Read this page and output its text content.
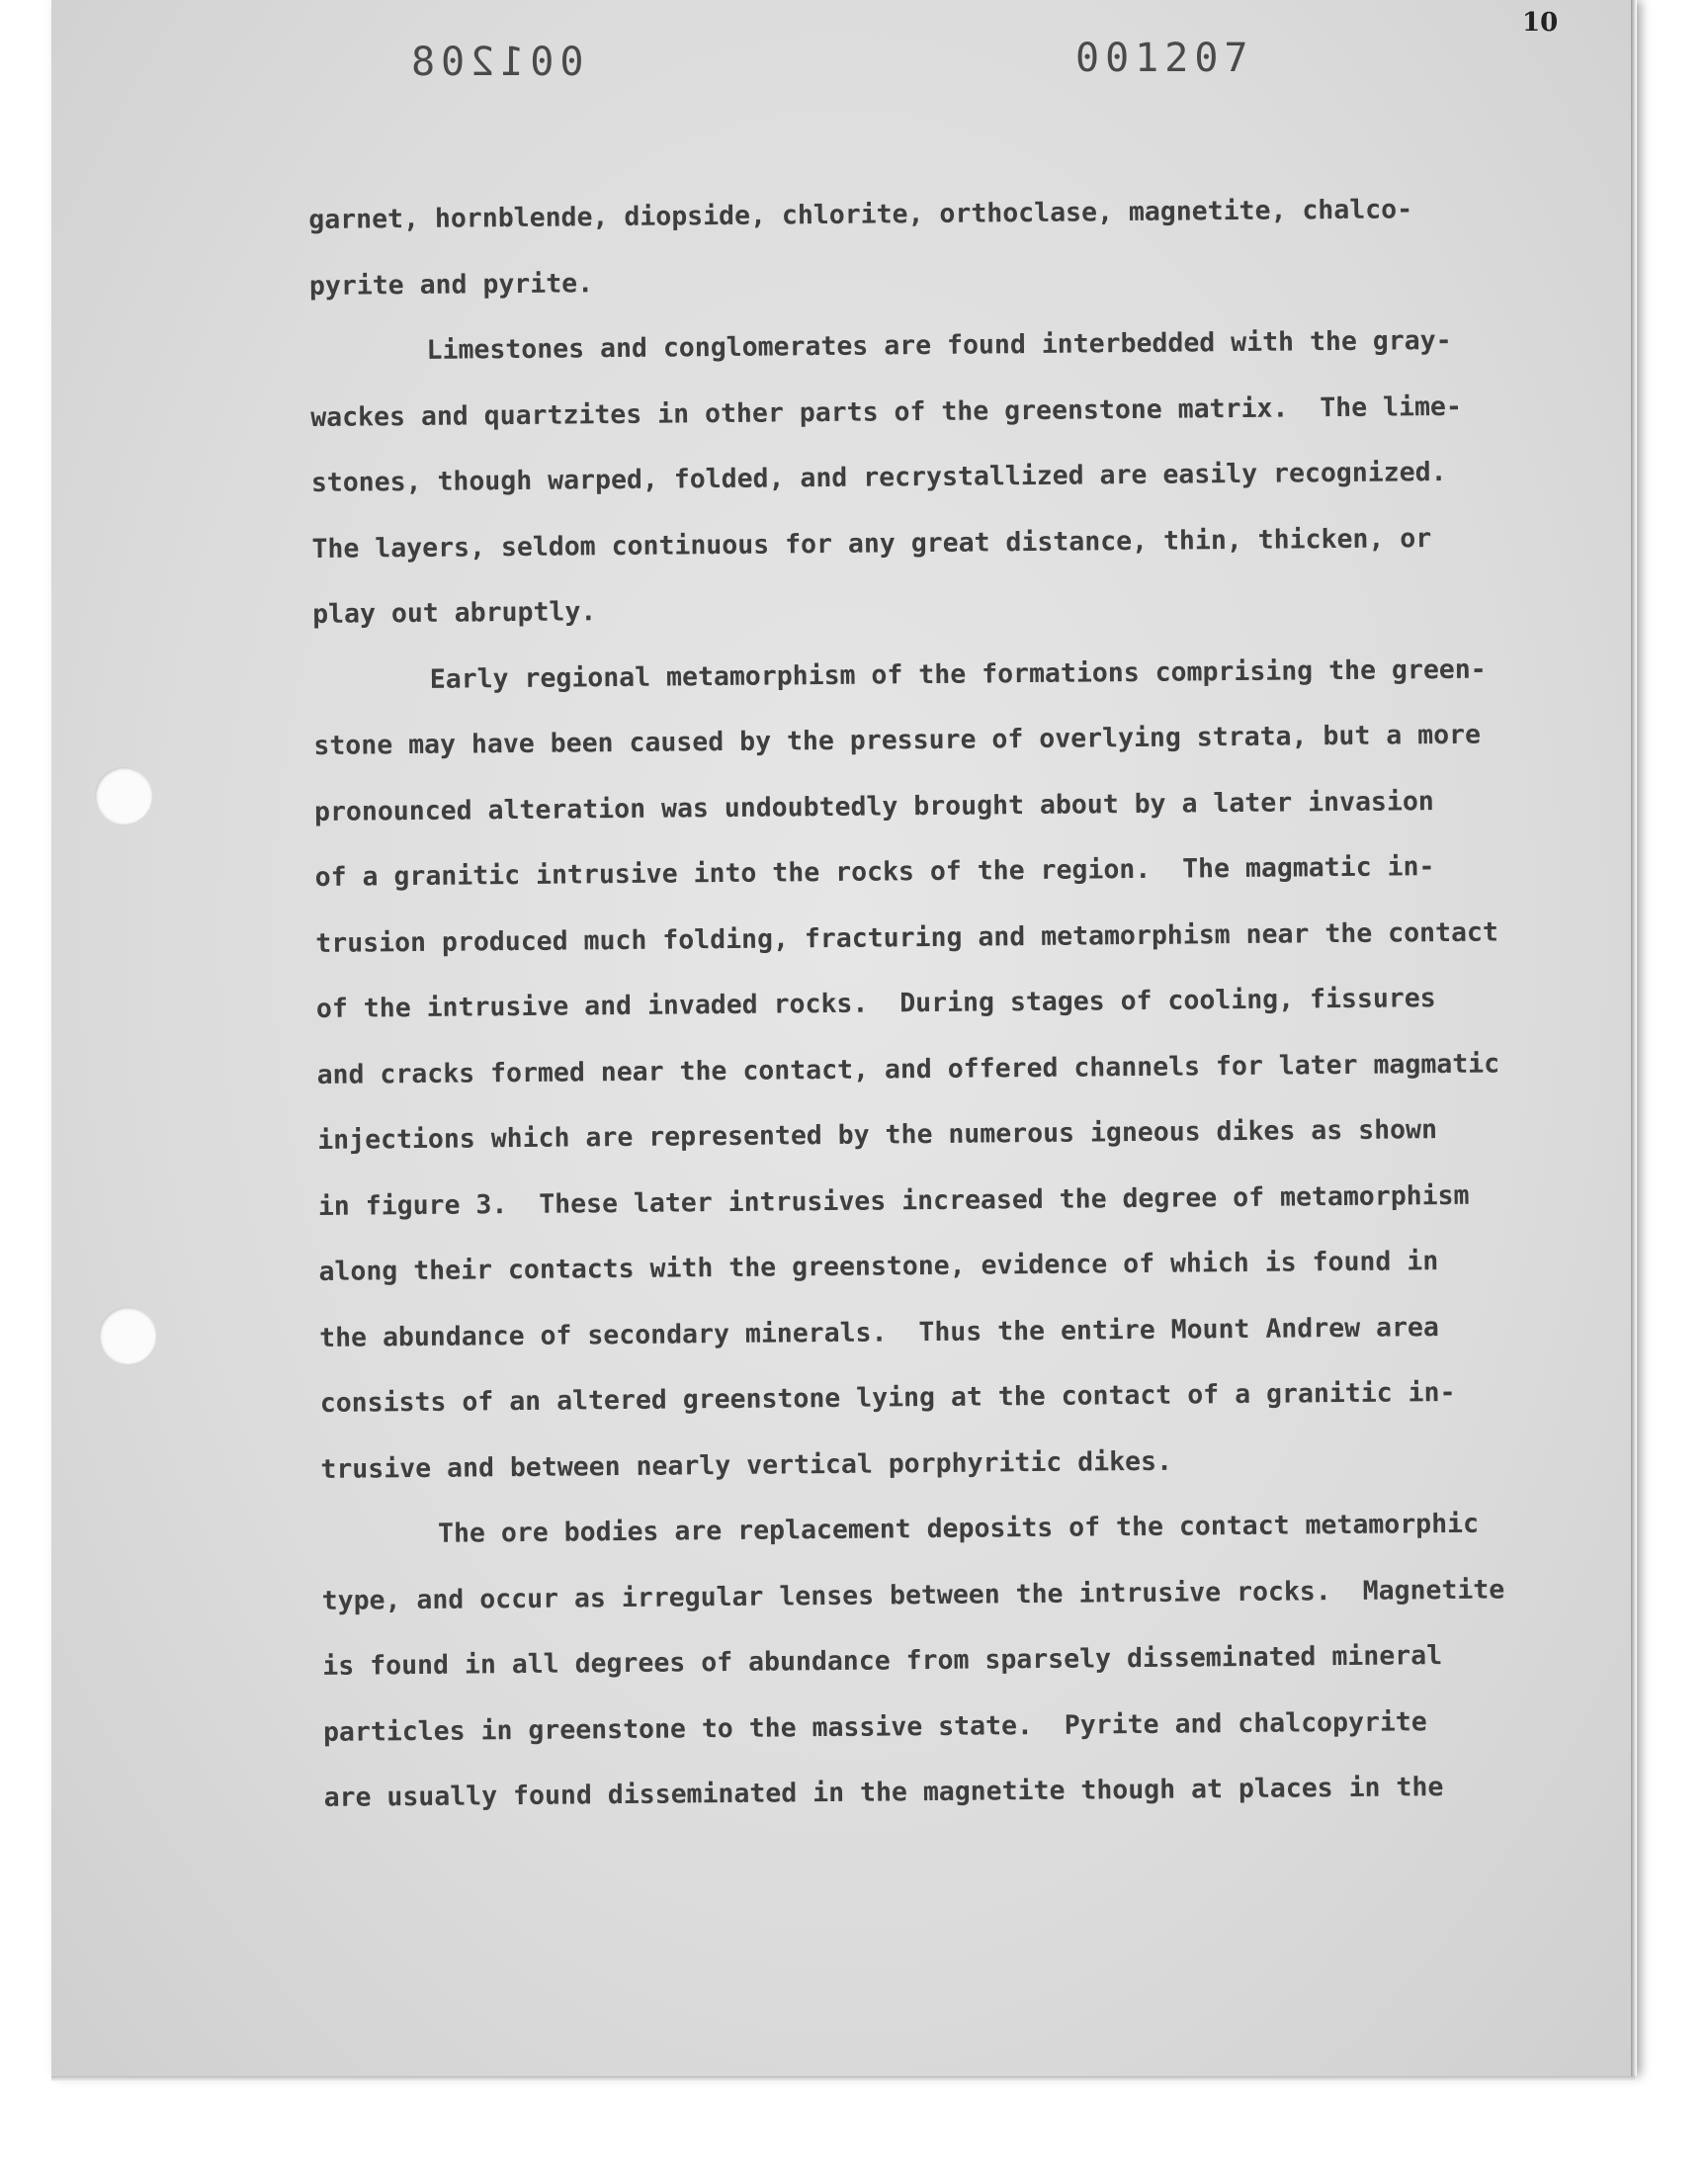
001208	001207
10
garnet, hornblende, diopside, chlorite, orthoclase, magnetite, chalco-
pyrite and pyrite.
Limestones and conglomerates are found interbedded with the gray-
wackes and quartzites in other parts of the greenstone matrix.  The lime-
stones, though warped, folded, and recrystallized are easily recognized.
The layers, seldom continuous for any great distance, thin, thicken, or
play out abruptly.
Early regional metamorphism of the formations comprising the green-
stone may have been caused by the pressure of overlying strata, but a more
pronounced alteration was undoubtedly brought about by a later invasion
of a granitic intrusive into the rocks of the region.  The magmatic in-
trusion produced much folding, fracturing and metamorphism near the contact
of the intrusive and invaded rocks.  During stages of cooling, fissures
and cracks formed near the contact, and offered channels for later magmatic
injections which are represented by the numerous igneous dikes as shown
in figure 3.  These later intrusives increased the degree of metamorphism
along their contacts with the greenstone, evidence of which is found in
the abundance of secondary minerals.  Thus the entire Mount Andrew area
consists of an altered greenstone lying at the contact of a granitic in-
trusive and between nearly vertical porphyritic dikes.
The ore bodies are replacement deposits of the contact metamorphic
type, and occur as irregular lenses between the intrusive rocks.  Magnetite
is found in all degrees of abundance from sparsely disseminated mineral
particles in greenstone to the massive state.  Pyrite and chalcopyrite
are usually found disseminated in the magnetite though at places in the
